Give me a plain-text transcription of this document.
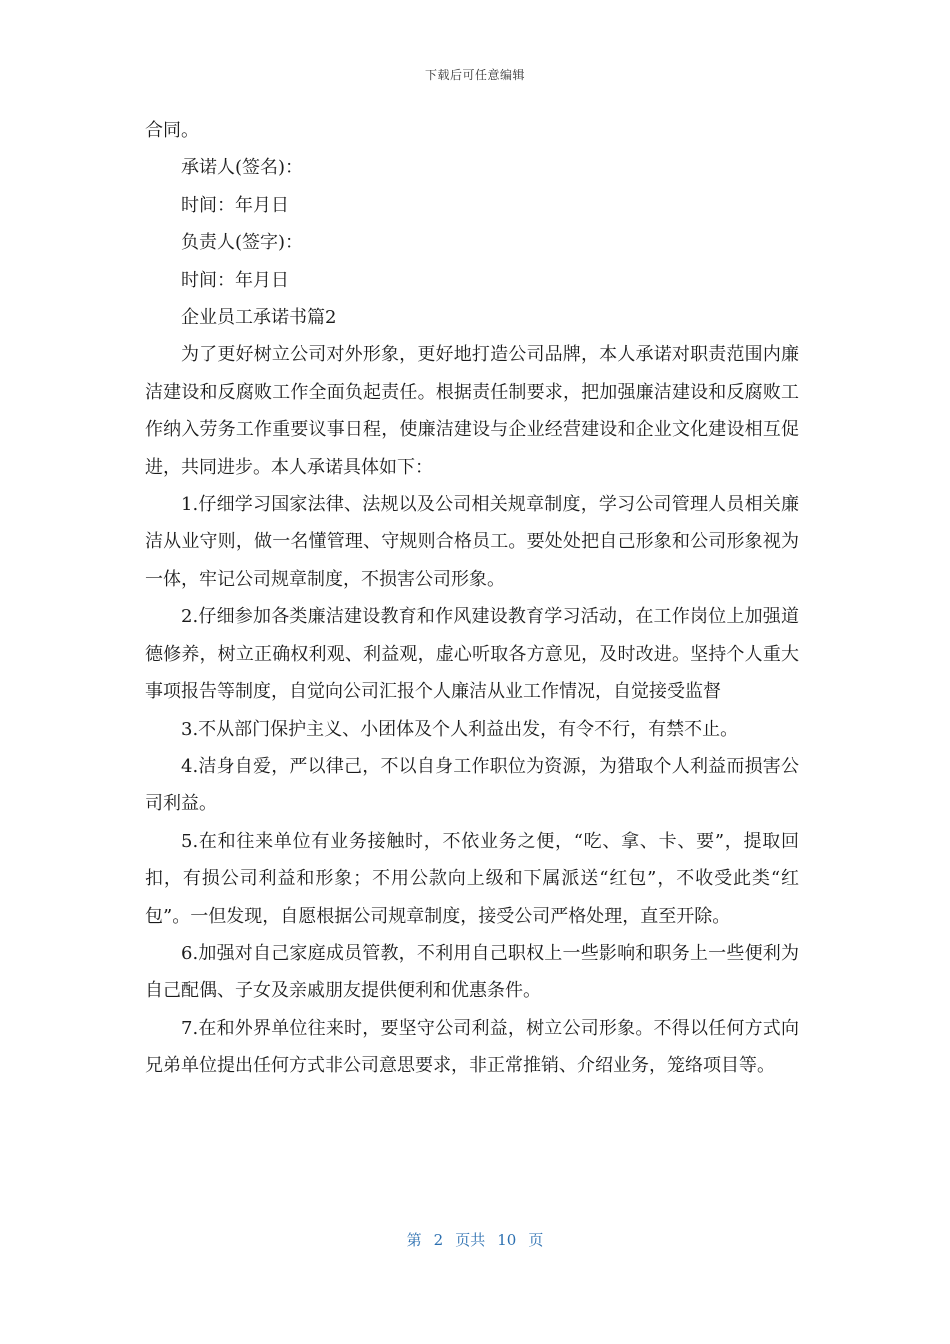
下载后可任意编辑

合同。

承诺人(签名)：

时间：年月日

负责人(签字)：

时间：年月日

企业员工承诺书篇2

为了更好树立公司对外形象，更好地打造公司品牌，本人承诺对职责范围内廉洁建设和反腐败工作全面负起责任。根据责任制要求，把加强廉洁建设和反腐败工作纳入劳务工作重要议事日程，使廉洁建设与企业经营建设和企业文化建设相互促进，共同进步。本人承诺具体如下：

1.仔细学习国家法律、法规以及公司相关规章制度，学习公司管理人员相关廉洁从业守则，做一名懂管理、守规则合格员工。要处处把自己形象和公司形象视为一体，牢记公司规章制度，不损害公司形象。

2.仔细参加各类廉洁建设教育和作风建设教育学习活动，在工作岗位上加强道德修养，树立正确权利观、利益观，虚心听取各方意见，及时改进。坚持个人重大事项报告等制度，自觉向公司汇报个人廉洁从业工作情况，自觉接受监督

3.不从部门保护主义、小团体及个人利益出发，有令不行，有禁不止。

4.洁身自爱，严以律己，不以自身工作职位为资源，为猎取个人利益而损害公司利益。

5.在和往来单位有业务接触时，不依业务之便，“吃、拿、卡、要”，提取回扣，有损公司利益和形象；不用公款向上级和下属派送“红包”，不收受此类“红包”。一但发现，自愿根据公司规章制度，接受公司严格处理，直至开除。

6.加强对自己家庭成员管教，不利用自己职权上一些影响和职务上一些便利为自己配偶、子女及亲戚朋友提供便利和优惠条件。

7.在和外界单位往来时，要坚守公司利益，树立公司形象。不得以任何方式向兄弟单位提出任何方式非公司意思要求，非正常推销、介绍业务，笼络项目等。

第 2 页共 10 页
